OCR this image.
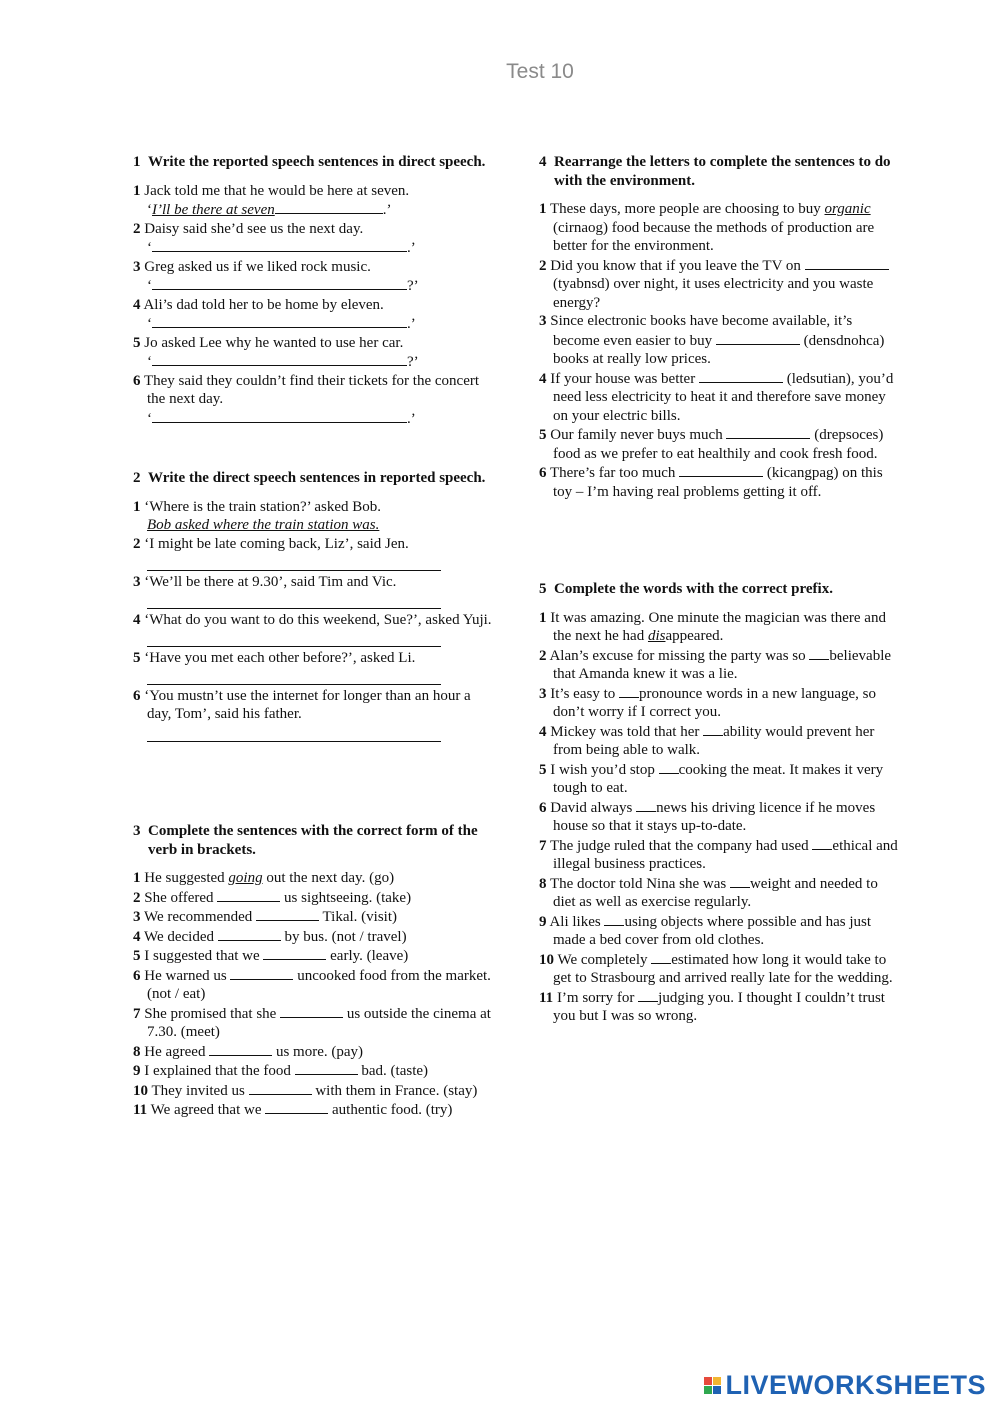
Test 10
1 Write the reported speech sentences in direct speech.
1 Jack told me that he would be here at seven.
‘I’ll be there at seven	.’
2 Daisy said she’d see us the next day.
‘	.’
3 Greg asked us if we liked rock music.
‘	?’
4 Ali’s dad told her to be home by eleven.
‘	.’
5 Jo asked Lee why he wanted to use her car.
‘	?’
6 They said they couldn’t find their tickets for the concert the next day.
‘	.’
2 Write the direct speech sentences in reported speech.
1 ‘Where is the train station?’ asked Bob.
Bob asked where the train station was.
2 ‘I might be late coming back, Liz’, said Jen.
3 ‘We’ll be there at 9.30’, said Tim and Vic.
4 ‘What do you want to do this weekend, Sue?’, asked Yuji.
5 ‘Have you met each other before?’, asked Li.
6 ‘You mustn’t use the internet for longer than an hour a day, Tom’, said his father.
3 Complete the sentences with the correct form of the verb in brackets.
1 He suggested going out the next day. (go)
2 She offered	us sightseeing. (take)
3 We recommended	Tikal. (visit)
4 We decided	by bus. (not / travel)
5 I suggested that we	early. (leave)
6 He warned us	uncooked food from the market. (not / eat)
7 She promised that she	us outside the cinema at 7.30. (meet)
8 He agreed	us more. (pay)
9 I explained that the food	bad. (taste)
10 They invited us	with them in France. (stay)
11 We agreed that we	authentic food. (try)
4 Rearrange the letters to complete the sentences to do with the environment.
1 These days, more people are choosing to buy organic (cirnaog) food because the methods of production are better for the environment.
2 Did you know that if you leave the TV on  (tyabnsd) over night, it uses electricity and you waste energy?
3 Since electronic books have become available, it’s become even easier to buy	(densdnohca) books at really low prices.
4 If your house was better	(ledsutian), you’d need less electricity to heat it and therefore save money on your electric bills.
5 Our family never buys much	(drepsoces) food as we prefer to eat healthily and cook fresh food.
6 There’s far too much	(kicangpag) on this toy – I’m having real problems getting it off.
5 Complete the words with the correct prefix.
1 It was amazing. One minute the magician was there and the next he had disappeared.
2 Alan’s excuse for missing the party was so believable that Amanda knew it was a lie.
3 It’s easy to pronounce words in a new language, so don’t worry if I correct you.
4 Mickey was told that her ability would prevent her from being able to walk.
5 I wish you’d stop cooking the meat. It makes it very tough to eat.
6 David always news his driving licence if he moves house so that it stays up-to-date.
7 The judge ruled that the company had used ethical and illegal business practices.
8 The doctor told Nina she was weight and needed to diet as well as exercise regularly.
9 Ali likes using objects where possible and has just made a bed cover from old clothes.
10 We completely estimated how long it would take to get to Strasbourg and arrived really late for the wedding.
11 I’m sorry for judging you. I thought I couldn’t trust you but I was so wrong.
LIVEWORKSHEETS
